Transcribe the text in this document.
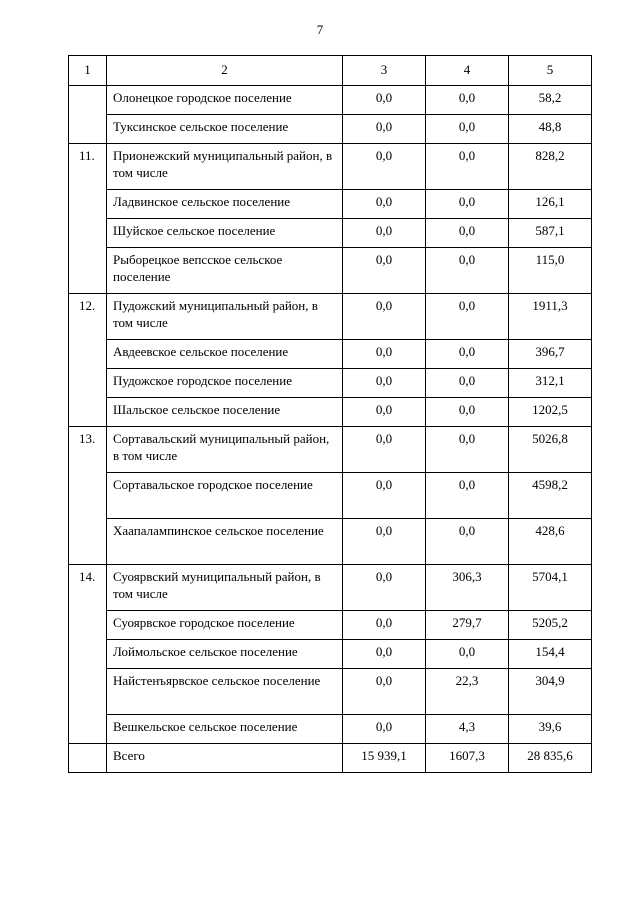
7
1	2	3	4	5
	Олонецкое городское поселение	0,0	0,0	58,2
	Туксинское сельское поселение	0,0	0,0	48,8
11.	Прионежский муниципальный район, в том числе	0,0	0,0	828,2
	Ладвинское сельское поселение	0,0	0,0	126,1
	Шуйское сельское поселение	0,0	0,0	587,1
	Рыборецкое вепсское сельское поселение	0,0	0,0	115,0
12.	Пудожский муниципальный район, в том числе	0,0	0,0	1911,3
	Авдеевское сельское поселение	0,0	0,0	396,7
	Пудожское городское поселение	0,0	0,0	312,1
	Шальское сельское поселение	0,0	0,0	1202,5
13.	Сортавальский муниципальный район, в том числе	0,0	0,0	5026,8
	Сортавальское городское поселение	0,0	0,0	4598,2
	Хаапалампинское сельское поселение	0,0	0,0	428,6
14.	Суоярвский муниципальный район, в том числе	0,0	306,3	5704,1
	Суоярвское городское поселение	0,0	279,7	5205,2
	Лоймольское сельское поселение	0,0	0,0	154,4
	Найстенъярвское сельское поселение	0,0	22,3	304,9
	Вешкельское сельское поселение	0,0	4,3	39,6
	Всего	15 939,1	1607,3	28 835,6
